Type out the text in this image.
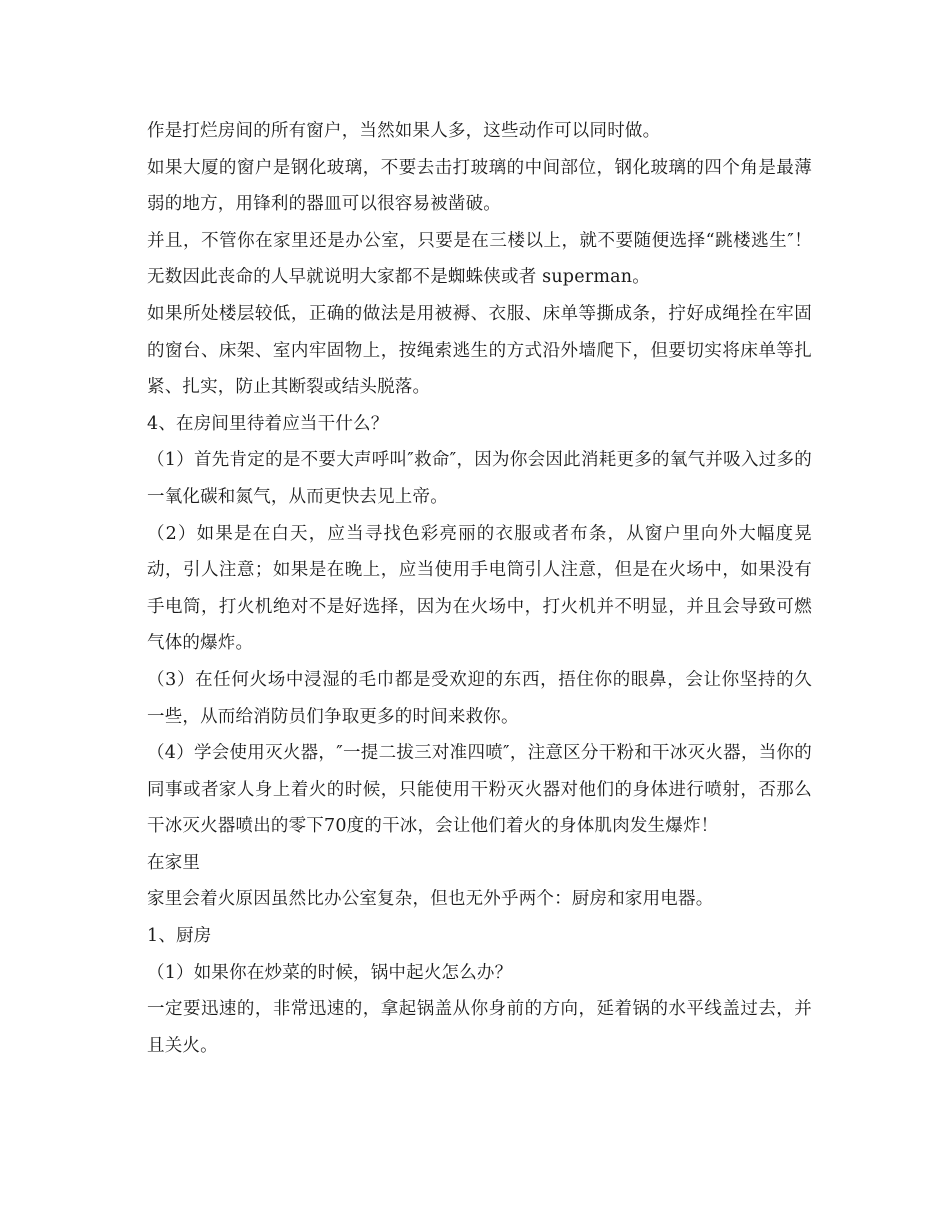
作是打烂房间的所有窗户，当然如果人多，这些动作可以同时做。

如果大厦的窗户是钢化玻璃，不要去击打玻璃的中间部位，钢化玻璃的四个角是最薄弱的地方，用锋利的器皿可以很容易被凿破。

并且，不管你在家里还是办公室，只要是在三楼以上，就不要随便选择“跳楼逃生″！无数因此丧命的人早就说明大家都不是蜘蛛侠或者 superman。

如果所处楼层较低，正确的做法是用被褥、衣服、床单等撕成条，拧好成绳拴在牢固的窗台、床架、室内牢固物上，按绳索逃生的方式沿外墙爬下，但要切实将床单等扎紧、扎实，防止其断裂或结头脱落。

4、在房间里待着应当干什么？

（1）首先肯定的是不要大声呼叫″救命″，因为你会因此消耗更多的氧气并吸入过多的一氧化碳和氮气，从而更快去见上帝。

（2）如果是在白天，应当寻找色彩亮丽的衣服或者布条，从窗户里向外大幅度晃动，引人注意；如果是在晚上，应当使用手电筒引人注意，但是在火场中，如果没有手电筒，打火机绝对不是好选择，因为在火场中，打火机并不明显，并且会导致可燃气体的爆炸。

（3）在任何火场中浸湿的毛巾都是受欢迎的东西，捂住你的眼鼻，会让你坚持的久一些，从而给消防员们争取更多的时间来救你。

（4）学会使用灭火器，″一提二拔三对准四喷″，注意区分干粉和干冰灭火器，当你的同事或者家人身上着火的时候，只能使用干粉灭火器对他们的身体进行喷射，否那么干冰灭火器喷出的零下70度的干冰，会让他们着火的身体肌肉发生爆炸！

在家里

家里会着火原因虽然比办公室复杂，但也无外乎两个：厨房和家用电器。

1、厨房

（1）如果你在炒菜的时候，锅中起火怎么办？

一定要迅速的，非常迅速的，拿起锅盖从你身前的方向，延着锅的水平线盖过去，并且关火。
